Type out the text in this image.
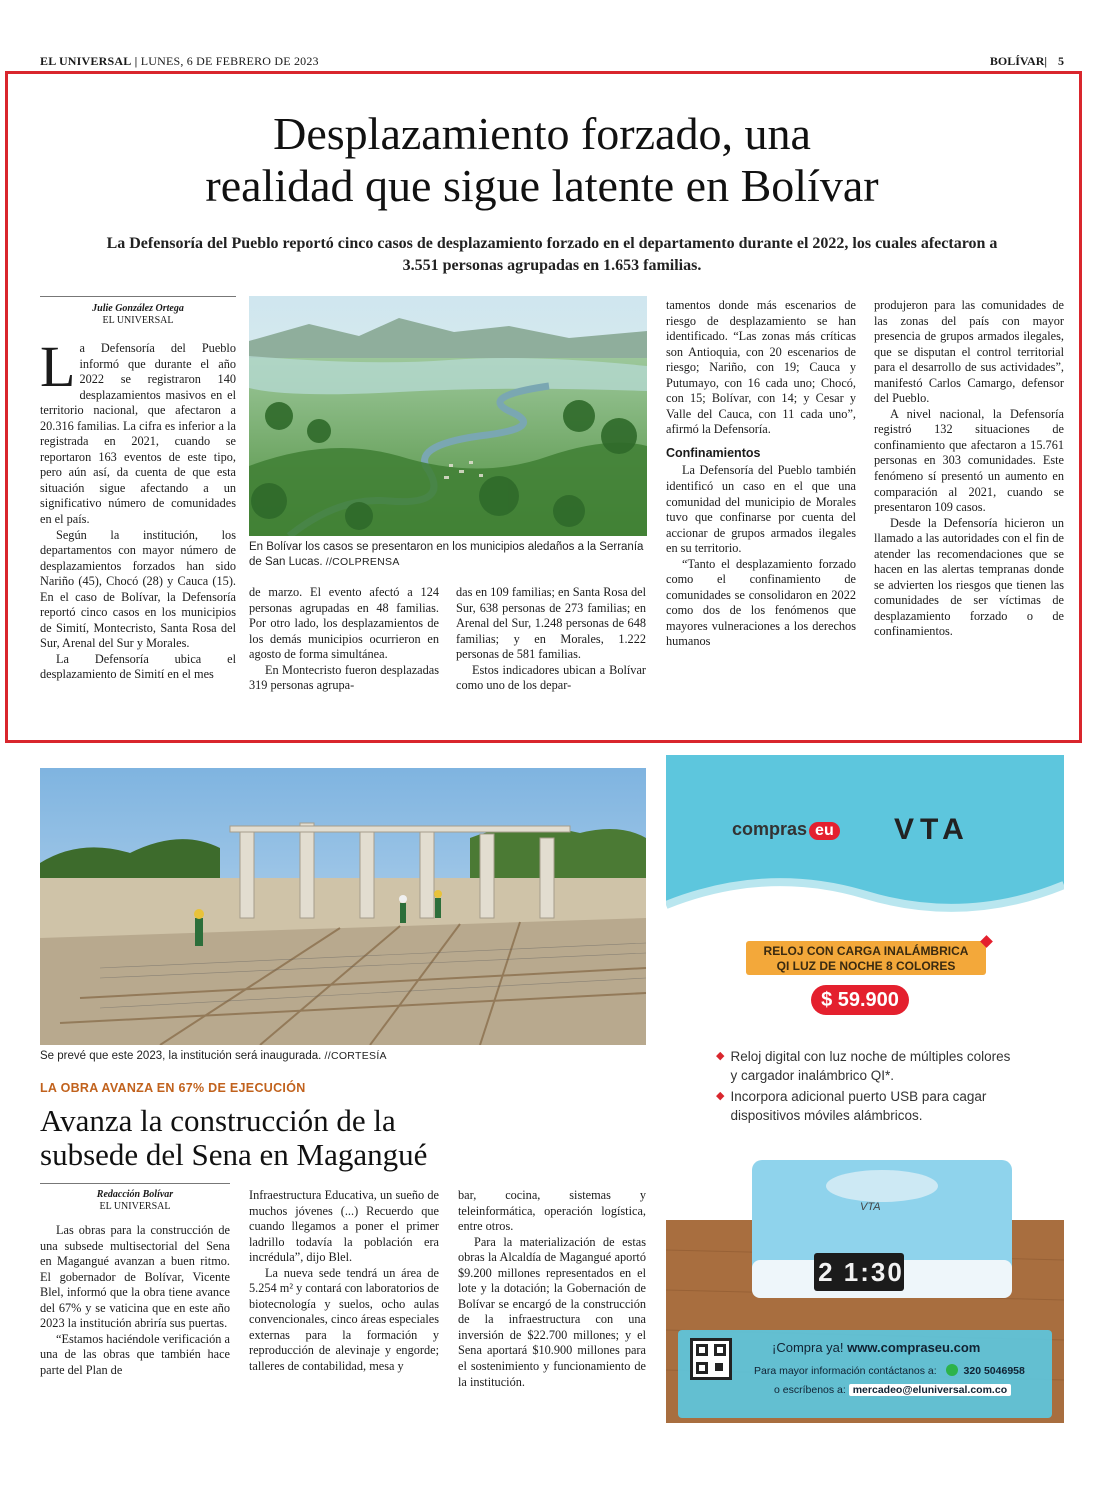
EL UNIVERSAL | LUNES, 6 DE FEBRERO DE 2023	BOLÍVAR| 5
Desplazamiento forzado, una
realidad que sigue latente en Bolívar
La Defensoría del Pueblo reportó cinco casos de desplazamiento forzado en el departamento durante el 2022, los cuales afectaron a 3.551 personas agrupadas en 1.653 familias.
Julie González Ortega
EL UNIVERSAL

La Defensoría del Pueblo informó que durante el año 2022 se registraron 140 desplazamientos masivos en el territorio nacional, que afectaron a 20.316 familias. La cifra es inferior a la registrada en 2021, cuando se reportaron 163 eventos de este tipo, pero aún así, da cuenta de que esta situación sigue afectando a un significativo número de comunidades en el país.

Según la institución, los departamentos con mayor número de desplazamientos forzados han sido Nariño (45), Chocó (28) y Cauca (15). En el caso de Bolívar, la Defensoría reportó cinco casos en los municipios de Simití, Montecristo, Santa Rosa del Sur, Arenal del Sur y Morales.

La Defensoría ubica el desplazamiento de Simití en el mes

En Bolívar los casos se presentaron en los municipios aledaños a la Serranía de San Lucas. //COLPRENSA

de marzo. El evento afectó a 124 personas agrupadas en 48 familias. Por otro lado, los desplazamientos de los demás municipios ocurrieron en agosto de forma simultánea.

En Montecristo fueron desplazadas 319 personas agrupa-

das en 109 familias; en Santa Rosa del Sur, 638 personas de 273 familias; en Arenal del Sur, 1.248 personas de 648 familias; y en Morales, 1.222 personas de 581 familias.

Estos indicadores ubican a Bolívar como uno de los depar-

tamentos donde más escenarios de riesgo de desplazamiento se han identificado. “Las zonas más críticas son Antioquia, con 20 escenarios de riesgo; Nariño, con 19; Cauca y Putumayo, con 16 cada uno; Chocó, con 15; Bolívar, con 14; y Cesar y Valle del Cauca, con 11 cada uno”, afirmó la Defensoría.

Confinamientos

La Defensoría del Pueblo también identificó un caso en el que una comunidad del municipio de Morales tuvo que confinarse por cuenta del accionar de grupos armados ilegales en su territorio.

“Tanto el desplazamiento forzado como el confinamiento de comunidades se consolidaron en 2022 como dos de los fenómenos que mayores vulneraciones a los derechos humanos

produjeron para las comunidades de las zonas del país con mayor presencia de grupos armados ilegales, que se disputan el control territorial para el desarrollo de sus actividades”, manifestó Carlos Camargo, defensor del Pueblo.

A nivel nacional, la Defensoría registró 132 situaciones de confinamiento que afectaron a 15.761 personas en 303 comunidades. Este fenómeno sí presentó un aumento en comparación al 2021, cuando se presentaron 109 casos.

Desde la Defensoría hicieron un llamado a las autoridades con el fin de atender las recomendaciones que se hacen en las alertas tempranas donde se advierten los riesgos que tienen las comunidades de ser víctimas de desplazamiento forzado o de confinamientos.

Se prevé que este 2023, la institución será inaugurada. //CORTESÍA
LA OBRA AVANZA EN 67% DE EJECUCIÓN
Avanza la construcción de la
subsede del Sena en Magangué
Redacción Bolívar
EL UNIVERSAL

Las obras para la construcción de una subsede multisectorial del Sena en Magangué avanzan a buen ritmo. El gobernador de Bolívar, Vicente Blel, informó que la obra tiene avance del 67% y se vaticina que en este año 2023 la institución abriría sus puertas.

“Estamos haciéndole verificación a una de las obras que también hace parte del Plan de

Infraestructura Educativa, un sueño de muchos jóvenes (...) Recuerdo que cuando llegamos a poner el primer ladrillo todavía la población era incrédula”, dijo Blel.

La nueva sede tendrá un área de 5.254 m² y contará con laboratorios de biotecnología y suelos, ocho aulas convencionales, cinco áreas especiales externas para la formación y reproducción de alevinaje y engorde; talleres de contabilidad, mesa y

bar, cocina, sistemas y teleinformática, operación logística, entre otros.

Para la materialización de estas obras la Alcaldía de Magangué aportó $9.200 millones representados en el lote y la dotación; la Gobernación de Bolívar se encargó de la construcción de la infraestructura con una inversión de $22.700 millones; y el Sena aportará $10.900 millones para el sostenimiento y funcionamiento de la institución.

compras eu VTA
RELOJ CON CARGA INALÁMBRICA
QI LUZ DE NOCHE 8 COLORES
$ 59.900
◆ Reloj digital con luz noche de múltiples colores y cargador inalámbrico QI*.
◆ Incorpora adicional puerto USB para cagar dispositivos móviles alámbricos.
VTA
2 1:30
¡Compra ya! www.compraseu.com
Para mayor información contáctanos a:	320 5046958
o escríbenos a: mercadeo@eluniversal.com.co
